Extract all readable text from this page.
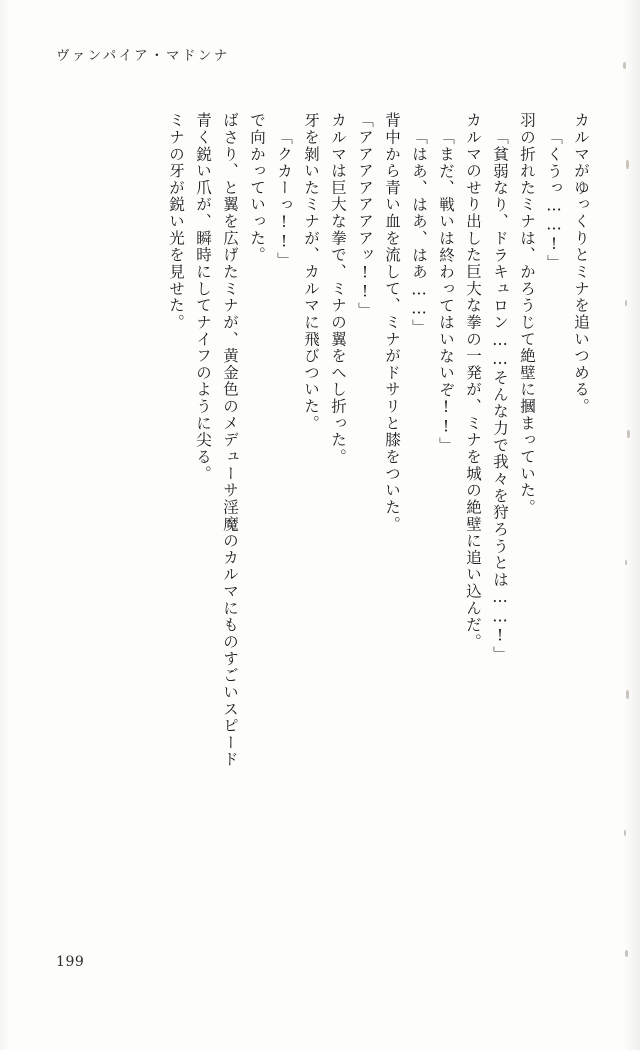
ヴァンパイア・マドンナ
ミナの牙が鋭い光を見せた。 青く鋭い爪が、瞬時にしてナイフのように尖る。 ばさり、と翼を広げたミナが、黄金色のメデューサ淫魔のカルマにものすごいスピード で向かっていった。 「クカーっ!!」 牙を剝いたミナが、カルマに飛びついた。 カルマは巨大な拳で、ミナの翼をへし折った。 「アアアアアアアッ!!」 背中から青い血を流して、ミナがドサリと膝をついた。 「はあ、はあ、はあ……」 「まだ、戦いは終わってはいないぞ!!」 カルマのせり出した巨大な拳の一発が、ミナを城の絶壁に追い込んだ。 「貧弱なり、ドラキュロン……そんな力で我々を狩ろうとは……!」 羽の折れたミナは、かろうじて絶壁に摑まっていた。 「くうっ……!」 カルマがゆっくりとミナを追いつめる。
199
